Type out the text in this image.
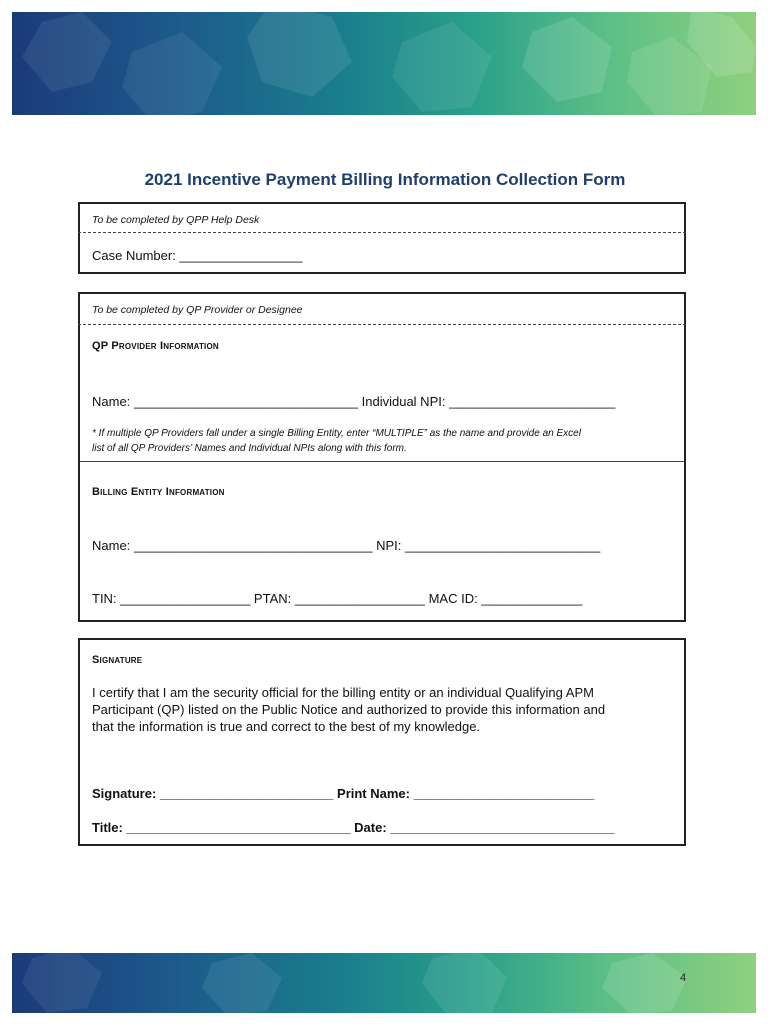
2021 Incentive Payment Billing Information Collection Form
To be completed by QPP Help Desk
Case Number: _________________
To be completed by QP Provider or Designee
QP Provider Information
Name: _______________________________ Individual NPI: _______________________
* If multiple QP Providers fall under a single Billing Entity, enter “MULTIPLE” as the name and provide an Excel
list of all QP Providers’ Names and Individual NPIs along with this form.
Billing Entity Information
Name: _________________________________ NPI: ___________________________
TIN: __________________ PTAN: __________________ MAC ID: ______________
Signature
I certify that I am the security official for the billing entity or an individual Qualifying APM
Participant (QP) listed on the Public Notice and authorized to provide this information and
that the information is true and correct to the best of my knowledge.
Signature: ________________________ Print Name: _________________________
Title: _______________________________ Date: _______________________________
4
